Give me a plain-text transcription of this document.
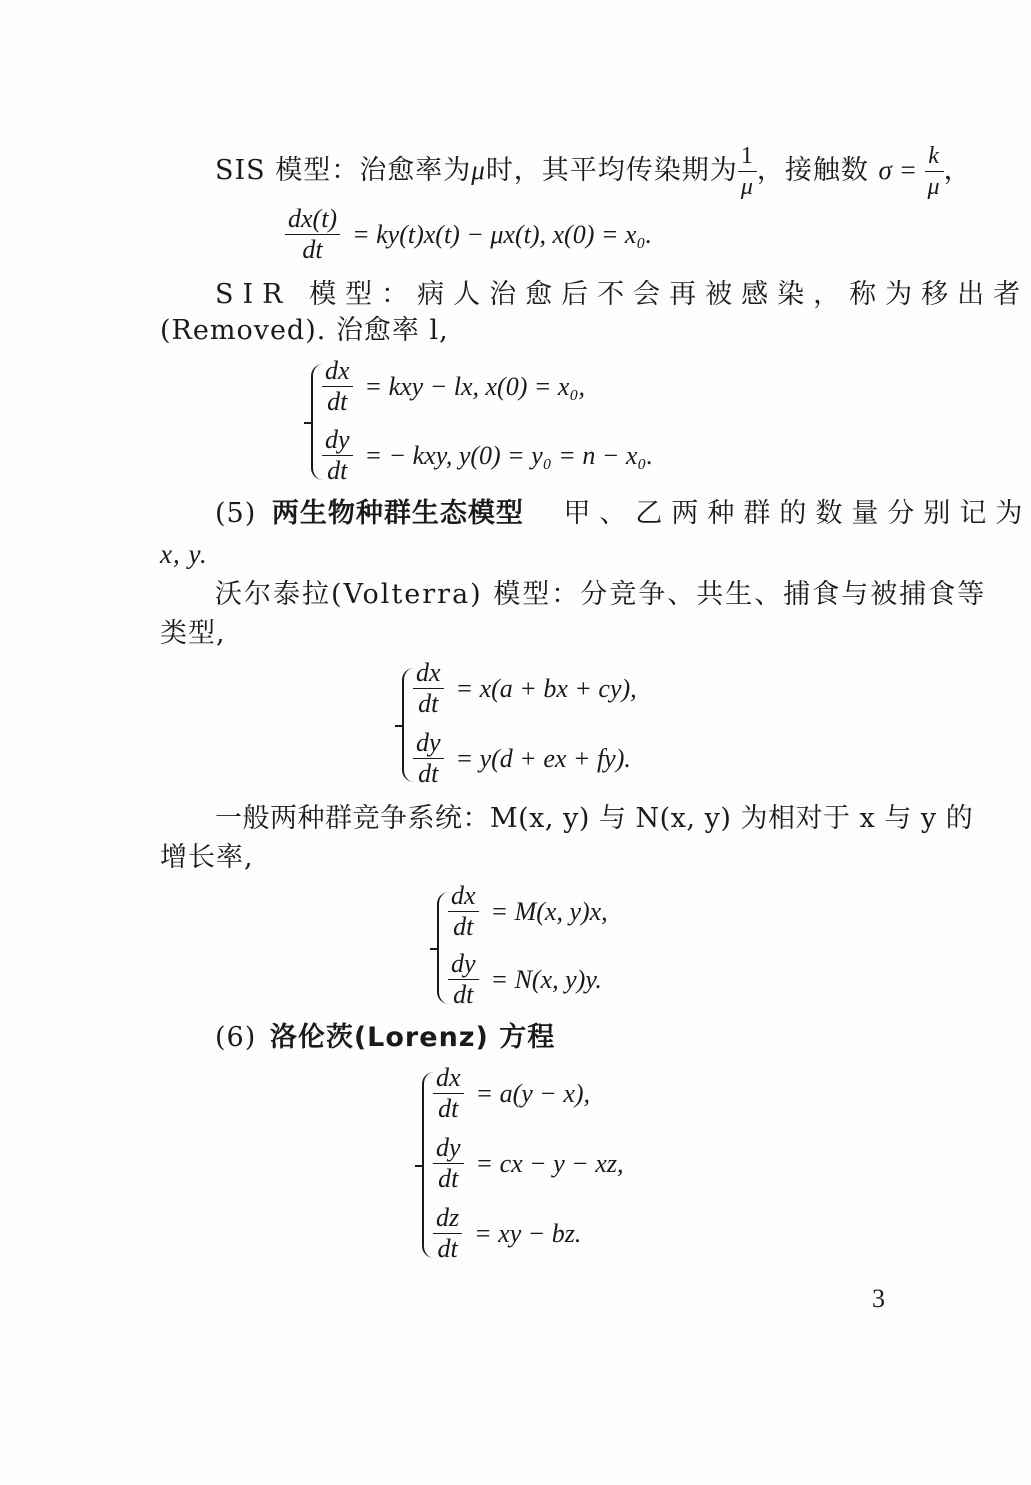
SIS 模型：治愈率为μ时，其平均传染期为 $\frac{1}{\mu}$ ，接触数 $\sigma = \frac{k}{\mu}$ ，
$\frac{dx(t)}{dt} = ky(t)x(t) - \mu x(t)$, x(0) = x₀.
SIR 模型：病人治愈后不会再被感染，称为移出者
(Removed). 治愈率 l,
$\frac{dx}{dt}$ = kxy − lx, x(0) = x₀,
$\frac{dy}{dt}$ = − kxy, y(0) = y₀ = n − x₀.
(5) 两生物种群生态模型 甲、乙两种群的数量分别记为
x, y.
沃尔泰拉(Volterra) 模型：分竞争、共生、捕食与被捕食等
类型,
$\frac{dx}{dt} = x(a$ + bx + cy),
$\frac{dy}{dt} = y(d$ + ex + fy).
一般两种群竞争系统：M(x, y) 与 N(x, y) 为相对于 x 与 y 的
增长率,
$\frac{dx}{dt} = M(x$, y)x,
$\frac{dy}{dt} = N(x$, y)y.
(6) 洛伦茨(Lorenz) 方程
$\frac{dx}{dt} = a(y - x)$,
$\frac{dy}{dt}$ = cx − y − xz,
$\frac{dz}{dt}$ = xy − bz.
3
